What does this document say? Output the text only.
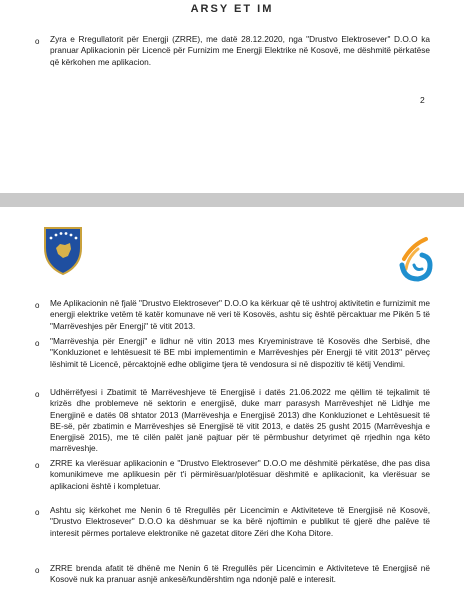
ARSY ET IM
o Zyra e Rregullatorit për Energji (ZRRE), me datë 28.12.2020, nga "Drustvo Elektrosever" D.O.O ka pranuar Aplikacionin për Licencë për Furnizim me Energji Elektrike në Kosovë, me dëshmitë përkatëse që kërkohen me aplikacion.
2
o Me Aplikacionin në fjalë "Drustvo Elektrosever" D.O.O ka kërkuar që të ushtroj aktivitetin e furnizimit me energji elektrike vetëm të katër komunave në veri të Kosovës, ashtu siç është përcaktuar me Pikën 5 të "Marrëveshjes për Energji" të vitit 2013.
o "Marrëveshja për Energji" e lidhur në vitin 2013 mes Kryeministrave të Kosovës dhe Serbisë, dhe "Konkluzionet e lehtësuesit të BE mbi implementimin e Marrëveshjes për Energji të vitit 2013" përveç lëshimit të Licencë, përcaktojnë edhe obligime tjera të vendosura si në dispozitiv të këtij Vendimi.
o Udhërrëfyesi i Zbatimit të Marrëveshjeve të Energjisë i datës 21.06.2022 me qëllim të tejkalimit të krizës dhe problemeve në sektorin e energjisë, duke marr parasysh Marrëveshjet në Lidhje me Energjinë e datës 08 shtator 2013 (Marrëveshja e Energjisë 2013) dhe Konkluzionet e Lehtësuesit të BE-së, për zbatimin e Marrëveshjes së Energjisë të vitit 2013, e datës 25 gusht 2015 (Marrëveshja e Energjisë 2015), me të cilën palët janë pajtuar për të përmbushur detyrimet që rrjedhin nga këto marrëveshje.
o ZRRE ka vlerësuar aplikacionin e "Drustvo Elektrosever" D.O.O me dëshmitë përkatëse, dhe pas disa komunikimeve me aplikuesin për t'i përmirësuar/plotësuar dëshmitë e aplikacionit, ka vlerësuar se aplikacioni është i kompletuar.
o Ashtu siç kërkohet me Nenin 6 të Rregullës për Licencimin e Aktiviteteve të Energjisë në Kosovë, "Drustvo Elektrosever" D.O.O ka dëshmuar se ka bërë njoftimin e publikut të gjerë dhe palëve të interesit përmes portaleve elektronike në gazetat ditore Zëri dhe Koha Ditore.
o ZRRE brenda afatit të dhënë me Nenin 6 të Rregullës për Licencimin e Aktiviteteve të Energjisë në Kosovë nuk ka pranuar asnjë ankesë/kundërshtim nga ndonjë palë e interesit.
